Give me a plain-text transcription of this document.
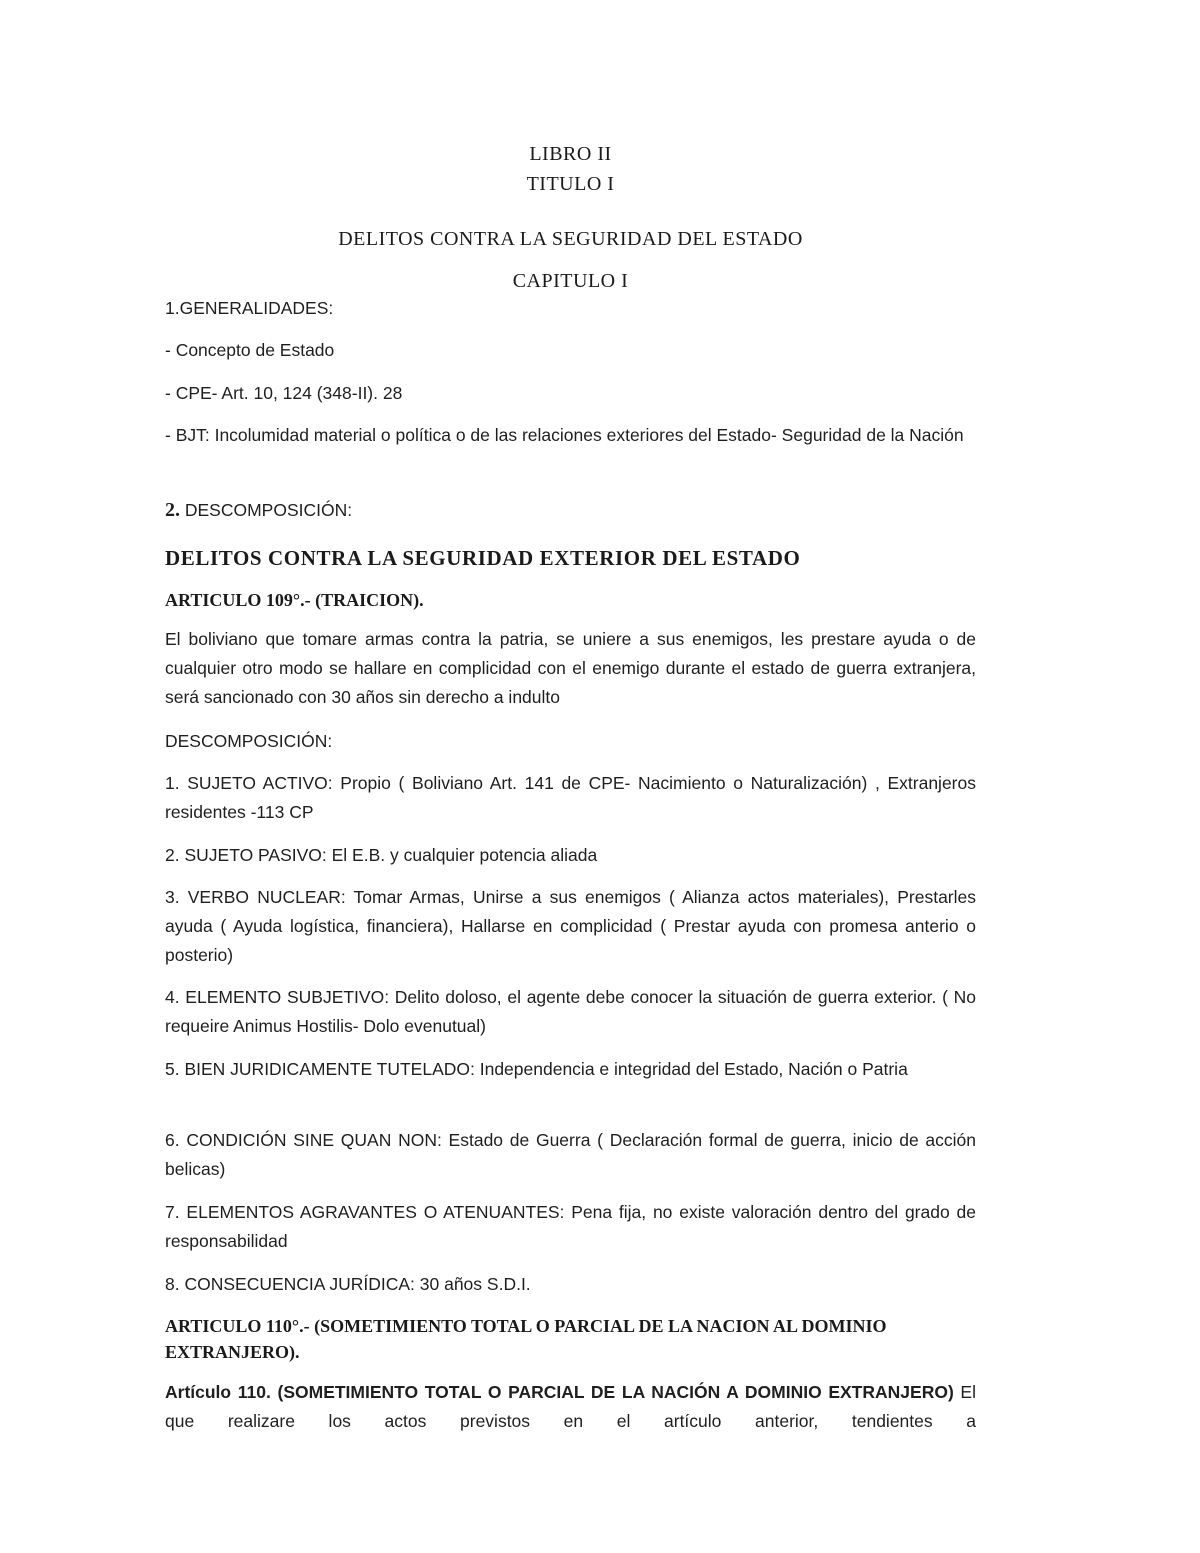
LIBRO II

TITULO I

DELITOS CONTRA LA SEGURIDAD DEL ESTADO

CAPITULO I

1.GENERALIDADES:

- Concepto de Estado

- CPE- Art. 10, 124 (348-II). 28

- BJT: Incolumidad material o política o de las relaciones exteriores del Estado- Seguridad de la Nación

2. DESCOMPOSICIÓN:

DELITOS CONTRA LA SEGURIDAD EXTERIOR DEL ESTADO

ARTICULO 109°.- (TRAICION).

El boliviano que tomare armas contra la patria, se uniere a sus enemigos, les prestare ayuda o de cualquier otro modo se hallare en complicidad con el enemigo durante el estado de guerra extranjera, será sancionado con 30 años sin derecho a indulto

DESCOMPOSICIÓN:

1. SUJETO ACTIVO: Propio ( Boliviano Art. 141 de CPE- Nacimiento o Naturalización) , Extranjeros residentes -113 CP

2. SUJETO PASIVO: El E.B. y cualquier potencia aliada

3. VERBO NUCLEAR: Tomar Armas, Unirse a sus enemigos ( Alianza actos materiales), Prestarles ayuda ( Ayuda logística, financiera), Hallarse en complicidad ( Prestar ayuda con promesa anterio o posterio)

4. ELEMENTO SUBJETIVO: Delito doloso, el agente debe conocer la situación de guerra exterior. ( No requeire Animus Hostilis- Dolo evenutual)

5. BIEN JURIDICAMENTE TUTELADO: Independencia e integridad del Estado, Nación o Patria

6. CONDICIÓN SINE QUAN NON: Estado de Guerra ( Declaración formal de guerra, inicio de acción belicas)

7. ELEMENTOS AGRAVANTES O ATENUANTES: Pena fija, no existe valoración dentro del grado de responsabilidad

8. CONSECUENCIA JURÍDICA: 30 años S.D.I.

ARTICULO 110°.- (SOMETIMIENTO TOTAL O PARCIAL DE LA NACION AL DOMINIO EXTRANJERO).

Artículo 110. (SOMETIMIENTO TOTAL O PARCIAL DE LA NACIÓN A DOMINIO EXTRANJERO) El que realizare los actos previstos en el artículo anterior, tendientes a
